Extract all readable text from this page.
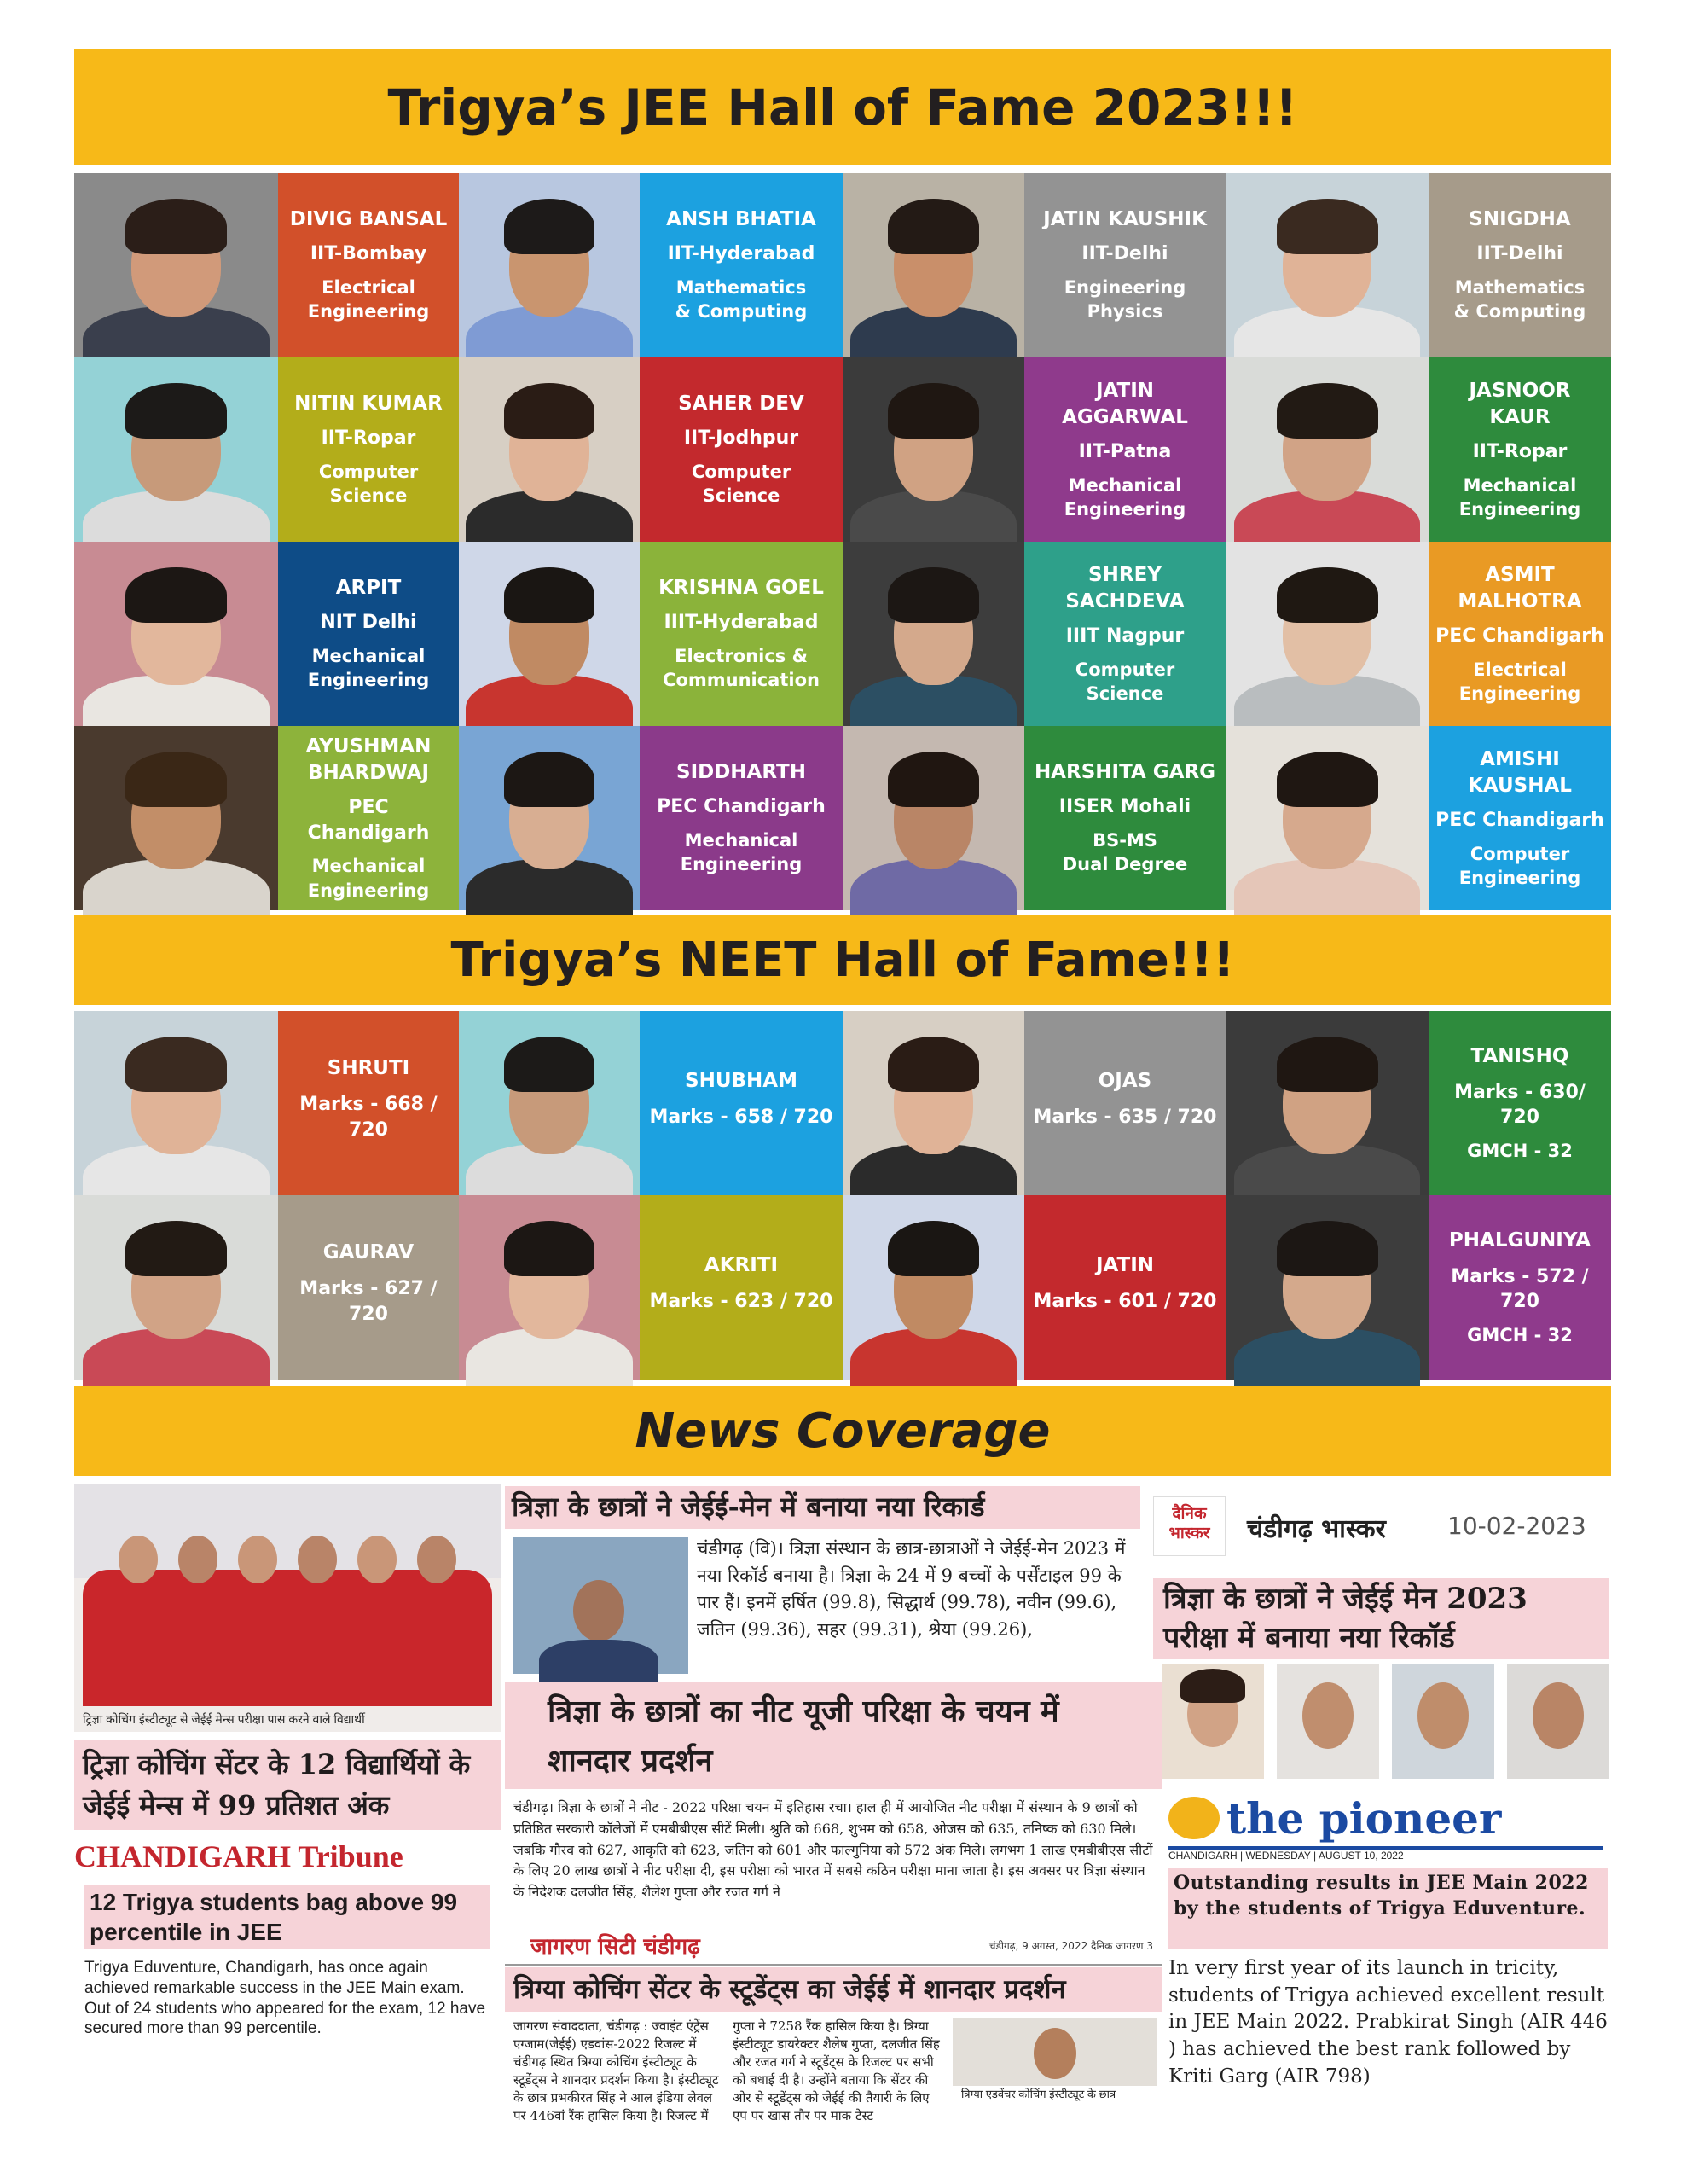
Trigya’s JEE Hall of Fame 2023!!!
DIVIG BANSAL
IIT-Bombay
Electrical
Engineering
ANSH BHATIA
IIT-Hyderabad
Mathematics
& Computing
JATIN KAUSHIK
IIT-Delhi
Engineering
Physics
SNIGDHA
IIT-Delhi
Mathematics
& Computing
NITIN KUMAR
IIT-Ropar
Computer
Science
SAHER DEV
IIT-Jodhpur
Computer
Science
JATIN AGGARWAL
IIT-Patna
Mechanical
Engineering
JASNOOR KAUR
IIT-Ropar
Mechanical
Engineering
ARPIT
NIT Delhi
Mechanical
Engineering
KRISHNA GOEL
IIIT-Hyderabad
Electronics &
Communication
SHREY SACHDEVA
IIIT Nagpur
Computer
Science
ASMIT MALHOTRA
PEC Chandigarh
Electrical
Engineering
AYUSHMAN BHARDWAJ
PEC Chandigarh
Mechanical
Engineering
SIDDHARTH
PEC Chandigarh
Mechanical
Engineering
HARSHITA GARG
IISER Mohali
BS-MS
Dual Degree
AMISHI KAUSHAL
PEC Chandigarh
Computer
Engineering
Trigya’s NEET Hall of Fame!!!
SHRUTI
Marks - 668 / 720
SHUBHAM
Marks - 658 / 720
OJAS
Marks - 635 / 720
TANISHQ
Marks - 630/ 720
GMCH - 32
GAURAV
Marks - 627 / 720
AKRITI
Marks - 623 / 720
JATIN
Marks - 601 / 720
PHALGUNIYA
Marks - 572 / 720
GMCH - 32
News Coverage
ट्रिज्ञा कोचिंग इंस्टीट्यूट से जेईई मेन्स परीक्षा पास करने वाले विद्यार्थी
ट्रिज्ञा कोचिंग सेंटर के 12 विद्यार्थियों के जेईई मेन्स में 99 प्रतिशत अंक
CHANDIGARH Tribune
12 Trigya students bag above 99 percentile in JEE
Trigya Eduventure, Chandigarh, has once again achieved remarkable success in the JEE Main exam. Out of 24 students who appeared for the exam, 12 have secured more than 99 percentile.
त्रिज्ञा के छात्रों ने जेईई-मेन में बनाया नया रिकार्ड
चंडीगढ़ (वि)। त्रिज्ञा संस्थान के छात्र-छात्राओं ने जेईई-मेन 2023 में नया रिकॉर्ड बनाया है। त्रिज्ञा के 24 में 9 बच्चों के पर्सेंटाइल 99 के पार हैं। इनमें हर्षित (99.8), सिद्धार्थ (99.78), नवीन (99.6), जतिन (99.36), सहर (99.31), श्रेया (99.26),
त्रिज्ञा के छात्रों का नीट यूजी परिक्षा के चयन में शानदार प्रदर्शन
चंडीगढ़। त्रिज्ञा के छात्रों ने नीट - 2022 परिक्षा चयन में इतिहास रचा। हाल ही में आयोजित नीट परीक्षा में संस्थान के 9 छात्रों को प्रतिष्ठित सरकारी कॉलेजों में एमबीबीएस सीटें मिली। श्रुति को 668, शुभम को 658, ओजस को 635, तनिष्क को 630 मिले। जबकि गौरव को 627, आकृति को 623, जतिन को 601 और फाल्गुनिया को 572 अंक मिले। लगभग 1 लाख एमबीबीएस सीटों के लिए 20 लाख छात्रों ने नीट परीक्षा दी, इस परीक्षा को भारत में सबसे कठिन परीक्षा माना जाता है। इस अवसर पर त्रिज्ञा संस्थान के निदेशक दलजीत सिंह, शैलेश गुप्ता और रजत गर्ग ने
जागरण सिटी चंडीगढ़	चंडीगढ़, 9 अगस्त, 2022 दैनिक जागरण 3
त्रिग्या कोचिंग सेंटर के स्टूडेंट्स का जेईई में शानदार प्रदर्शन
जागरण संवाददाता, चंडीगढ़ : ज्वाइंट एंट्रेंस एग्जाम(जेईई) एडवांस-2022 रिजल्ट में चंडीगढ़ स्थित त्रिग्या कोचिंग इंस्टीट्यूट के स्टूडेंट्स ने शानदार प्रदर्शन किया है। इंस्टीट्यूट के छात्र प्रभकीरत सिंह ने आल इंडिया लेवल पर 446वां रैंक हासिल किया है। रिजल्ट में
गुप्ता ने 7258 रैंक हासिल किया है। त्रिग्या इंस्टीट्यूट डायरेक्टर शैलेष गुप्ता, दलजीत सिंह और रजत गर्ग ने स्टूडेंट्स के रिजल्ट पर सभी को बधाई दी है। उन्होंने बताया कि सेंटर की ओर से स्टूडेंट्स को जेईई की तैयारी के लिए एप पर खास तौर पर माक टेस्ट
त्रिग्या एडवेंचर कोचिंग इंस्टीट्यूट के छात्र
दैनिक भास्कर	चंडीगढ़ भास्कर	10-02-2023
त्रिज्ञा के छात्रों ने जेईई मेन 2023 परीक्षा में बनाया नया रिकॉर्ड
the pioneer
CHANDIGARH | WEDNESDAY | AUGUST 10, 2022
Outstanding results in JEE Main 2022 by the students of Trigya Eduventure.
In very first year of its launch in tricity, students of Trigya achieved excellent result in JEE Main 2022. Prabkirat Singh (AIR 446 ) has achieved the best rank followed by Kriti Garg (AIR 798)
